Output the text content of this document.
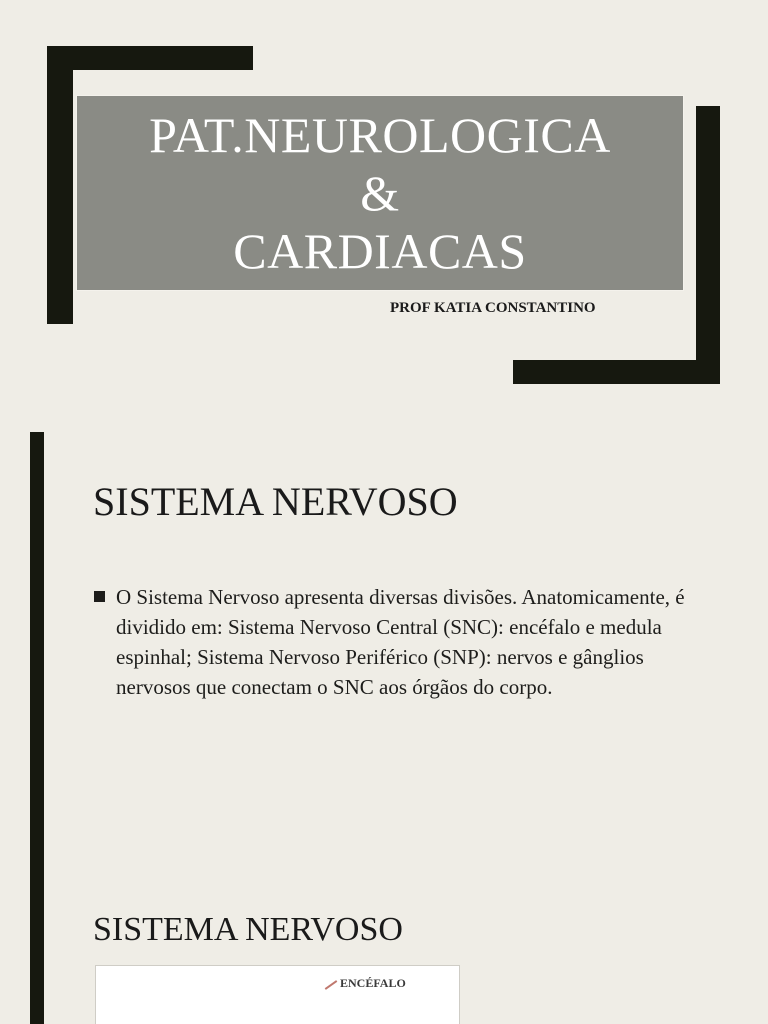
PAT.NEUROLOGICA
&
CARDIACAS
PROF KATIA CONSTANTINO
SISTEMA NERVOSO
O Sistema Nervoso apresenta diversas divisões. Anatomicamente, é dividido em: Sistema Nervoso Central (SNC): encéfalo e medula espinhal; Sistema Nervoso Periférico (SNP): nervos e gânglios nervosos que conectam o SNC aos órgãos do corpo.
SISTEMA NERVOSO
ENCÉFALO
